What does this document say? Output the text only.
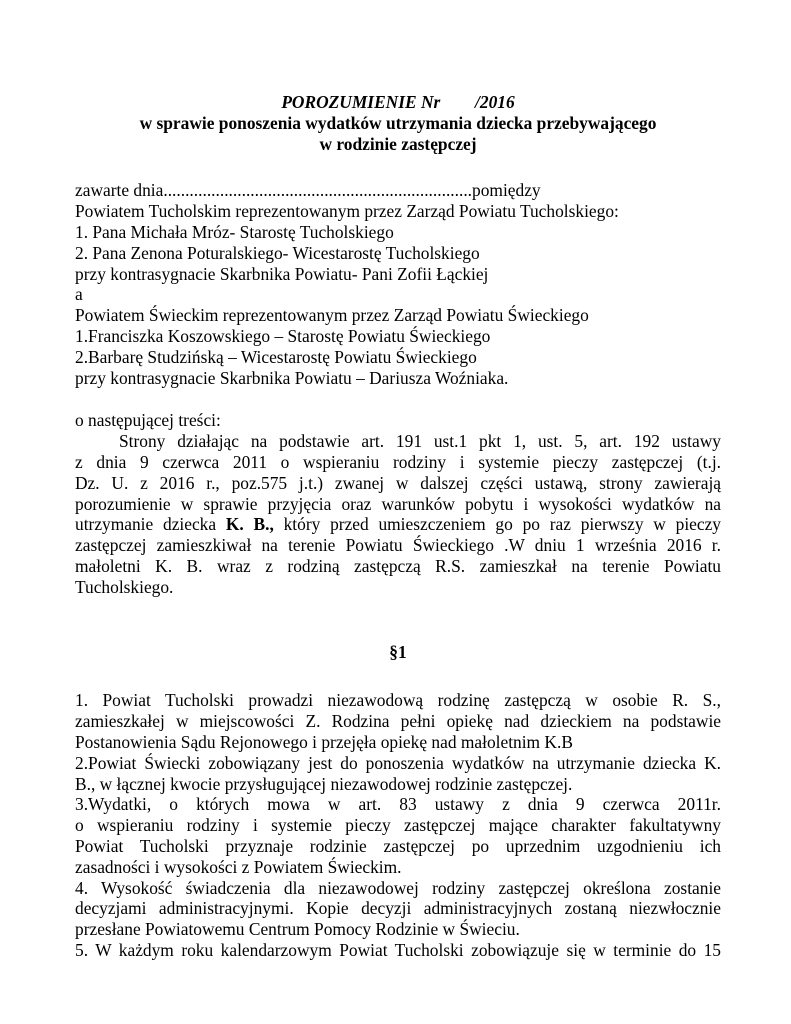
POROZUMIENIE Nr        /2016
w sprawie ponoszenia wydatków utrzymania dziecka przebywającego
w rodzinie zastępczej
zawarte dnia.......................................................................pomiędzy
Powiatem Tucholskim reprezentowanym przez Zarząd Powiatu Tucholskiego:
1. Pana Michała Mróz- Starostę Tucholskiego
2. Pana Zenona Poturalskiego- Wicestarostę Tucholskiego
przy kontrasygnacie Skarbnika Powiatu- Pani Zofii Łąckiej
a
Powiatem Świeckim reprezentowanym przez Zarząd Powiatu Świeckiego
1.Franciszka Koszowskiego – Starostę Powiatu Świeckiego
2.Barbarę Studzińską – Wicestarostę Powiatu Świeckiego
przy kontrasygnacie Skarbnika Powiatu – Dariusza Woźniaka.
o następującej treści:
Strony działając na podstawie art. 191 ust.1 pkt 1, ust. 5, art. 192 ustawy
z dnia 9 czerwca 2011 o wspieraniu rodziny i systemie pieczy zastępczej (t.j.
Dz. U. z 2016 r., poz.575 j.t.) zwanej w dalszej części ustawą, strony zawierają
porozumienie w sprawie przyjęcia oraz warunków pobytu i wysokości wydatków na
utrzymanie dziecka K. B., który przed umieszczeniem go po raz pierwszy w pieczy
zastępczej zamieszkiwał na terenie Powiatu Świeckiego .W dniu 1 września 2016 r.
małoletni K. B. wraz z rodziną zastępczą R.S. zamieszkał na terenie Powiatu
Tucholskiego.
§1
1. Powiat Tucholski prowadzi niezawodową rodzinę zastępczą w osobie R. S.,
zamieszkałej w miejscowości Z. Rodzina pełni opiekę nad dzieckiem na podstawie
Postanowienia Sądu Rejonowego i przejęła opiekę nad małoletnim K.B
2.Powiat Świecki zobowiązany jest do ponoszenia wydatków na utrzymanie dziecka K.
B., w łącznej kwocie przysługującej niezawodowej rodzinie zastępczej.
3.Wydatki, o których mowa w art. 83 ustawy z dnia 9 czerwca 2011r.
o wspieraniu rodziny i systemie pieczy zastępczej mające charakter fakultatywny
Powiat Tucholski przyznaje rodzinie zastępczej po uprzednim uzgodnieniu ich
zasadności i wysokości z Powiatem Świeckim.
4. Wysokość świadczenia dla niezawodowej rodziny zastępczej określona zostanie
decyzjami administracyjnymi. Kopie decyzji administracyjnych zostaną niezwłocznie
przesłane Powiatowemu Centrum Pomocy Rodzinie w Świeciu.
5. W każdym roku kalendarzowym Powiat Tucholski zobowiązuje się w terminie do 15
